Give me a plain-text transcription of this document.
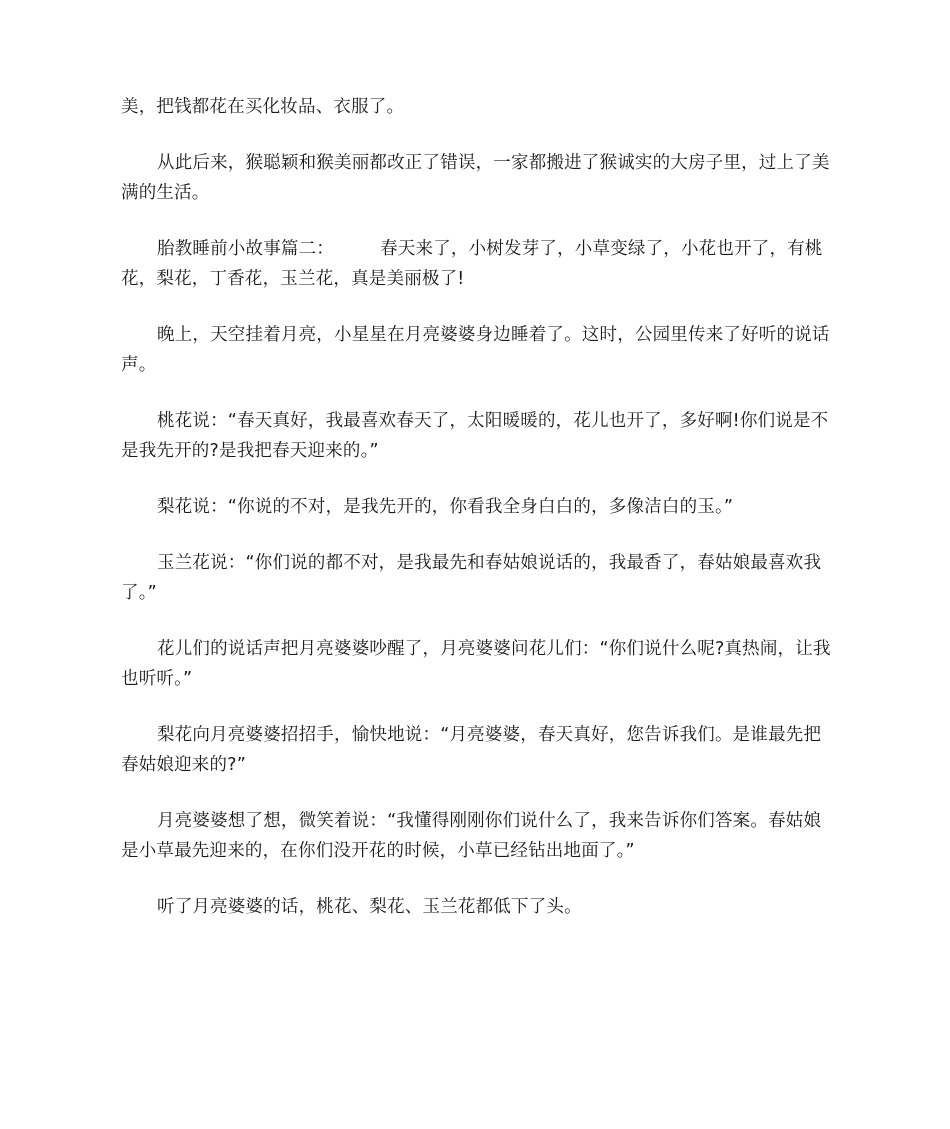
美，把钱都花在买化妆品、衣服了。

从此后来，猴聪颖和猴美丽都改正了错误，一家都搬进了猴诚实的大房子里，过上了美满的生活。

胎教睡前小故事篇二：        春天来了，小树发芽了，小草变绿了，小花也开了，有桃花，梨花，丁香花，玉兰花，真是美丽极了!

晚上，天空挂着月亮，小星星在月亮婆婆身边睡着了。这时，公园里传来了好听的说话声。

桃花说：“春天真好，我最喜欢春天了，太阳暖暖的，花儿也开了，多好啊!你们说是不是我先开的?是我把春天迎来的。”

梨花说：“你说的不对，是我先开的，你看我全身白白的，多像洁白的玉。”

玉兰花说：“你们说的都不对，是我最先和春姑娘说话的，我最香了，春姑娘最喜欢我了。”

花儿们的说话声把月亮婆婆吵醒了，月亮婆婆问花儿们：“你们说什么呢?真热闹，让我也听听。”

梨花向月亮婆婆招招手，愉快地说：“月亮婆婆，春天真好，您告诉我们。是谁最先把春姑娘迎来的?”

月亮婆婆想了想，微笑着说：“我懂得刚刚你们说什么了，我来告诉你们答案。春姑娘是小草最先迎来的，在你们没开花的时候，小草已经钻出地面了。”

听了月亮婆婆的话，桃花、梨花、玉兰花都低下了头。
